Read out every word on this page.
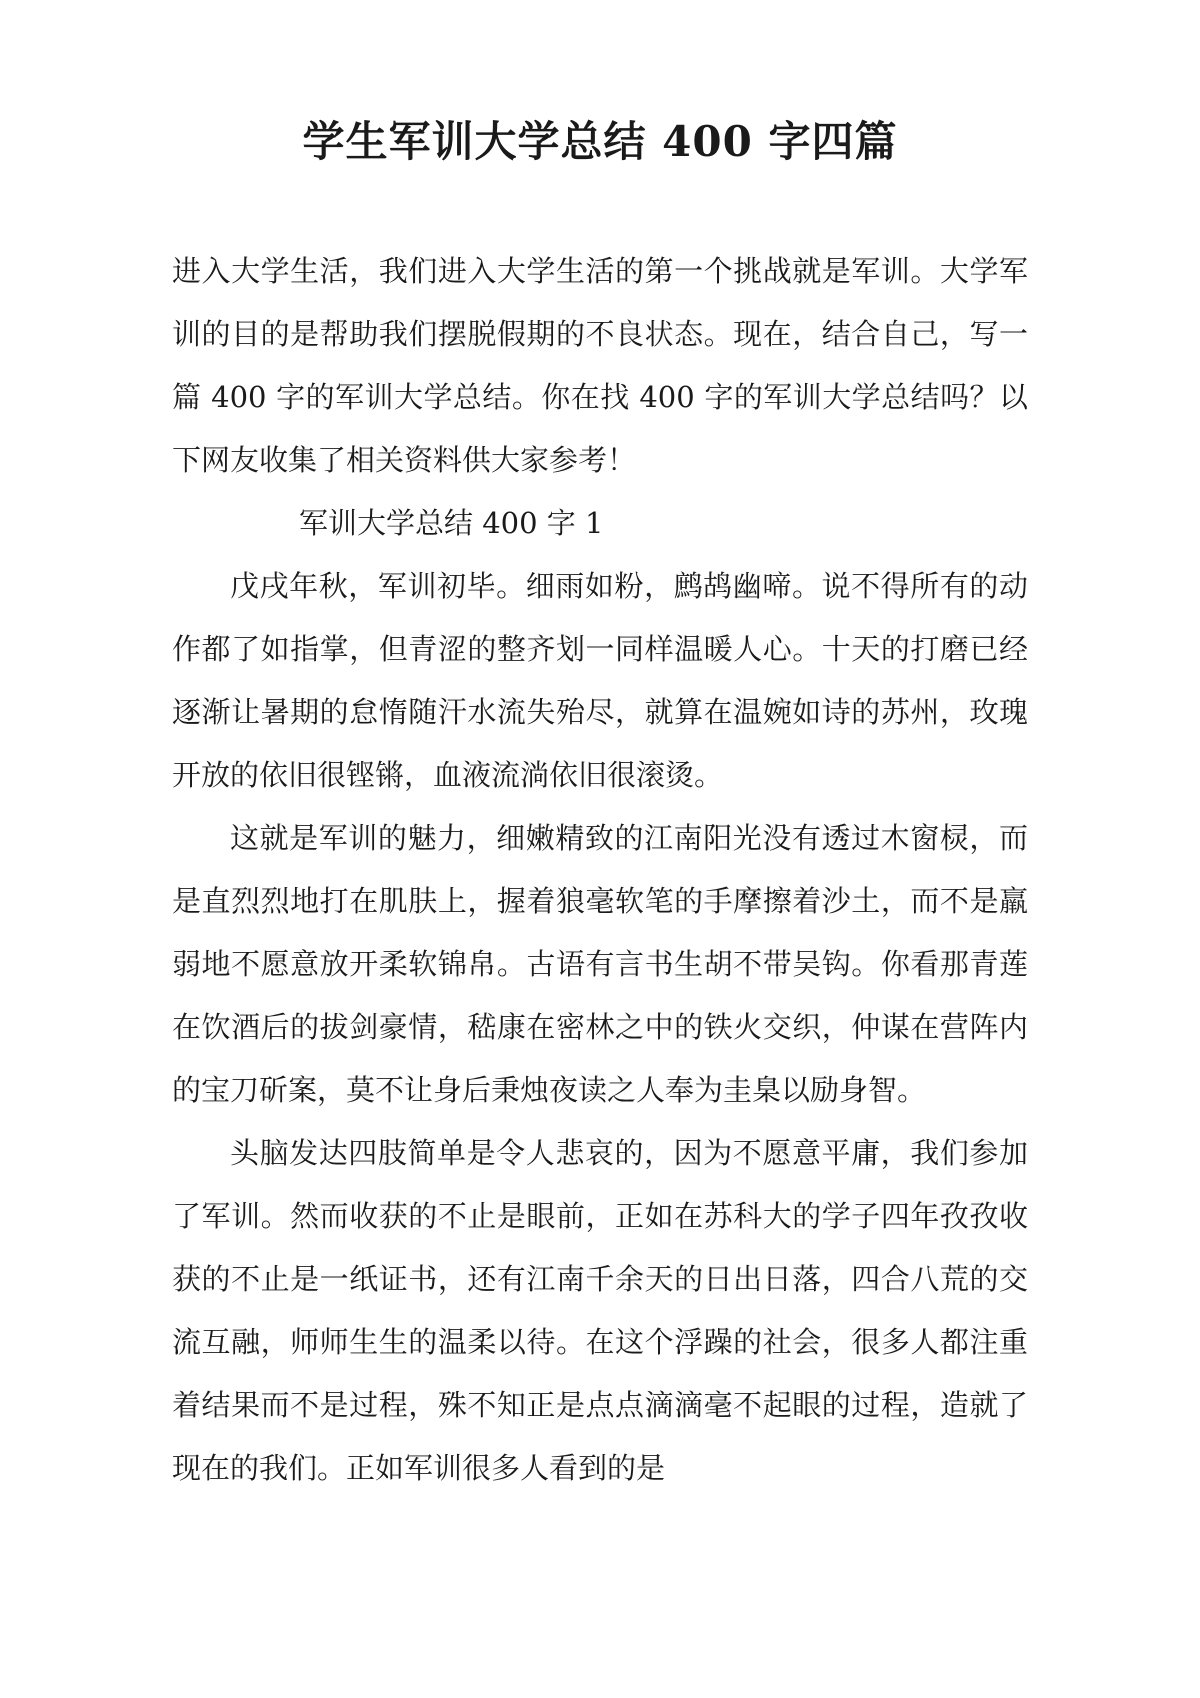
学生军训大学总结 400 字四篇

进入大学生活，我们进入大学生活的第一个挑战就是军训。大学军训的目的是帮助我们摆脱假期的不良状态。现在，结合自己，写一篇 400 字的军训大学总结。你在找 400 字的军训大学总结吗？以下网友收集了相关资料供大家参考！

军训大学总结 400 字 1

戊戌年秋，军训初毕。细雨如粉，鹧鸪幽啼。说不得所有的动作都了如指掌，但青涩的整齐划一同样温暖人心。十天的打磨已经逐渐让暑期的怠惰随汗水流失殆尽，就算在温婉如诗的苏州，玫瑰开放的依旧很铿锵，血液流淌依旧很滚烫。

这就是军训的魅力，细嫩精致的江南阳光没有透过木窗棂，而是直烈烈地打在肌肤上，握着狼毫软笔的手摩擦着沙土，而不是羸弱地不愿意放开柔软锦帛。古语有言书生胡不带吴钩。你看那青莲在饮酒后的拔剑豪情，嵇康在密林之中的铁火交织，仲谋在营阵内的宝刀斫案，莫不让身后秉烛夜读之人奉为圭臬以励身智。

头脑发达四肢简单是令人悲哀的，因为不愿意平庸，我们参加了军训。然而收获的不止是眼前，正如在苏科大的学子四年孜孜收获的不止是一纸证书，还有江南千余天的日出日落，四合八荒的交流互融，师师生生的温柔以待。在这个浮躁的社会，很多人都注重着结果而不是过程，殊不知正是点点滴滴毫不起眼的过程，造就了现在的我们。正如军训很多人看到的是
